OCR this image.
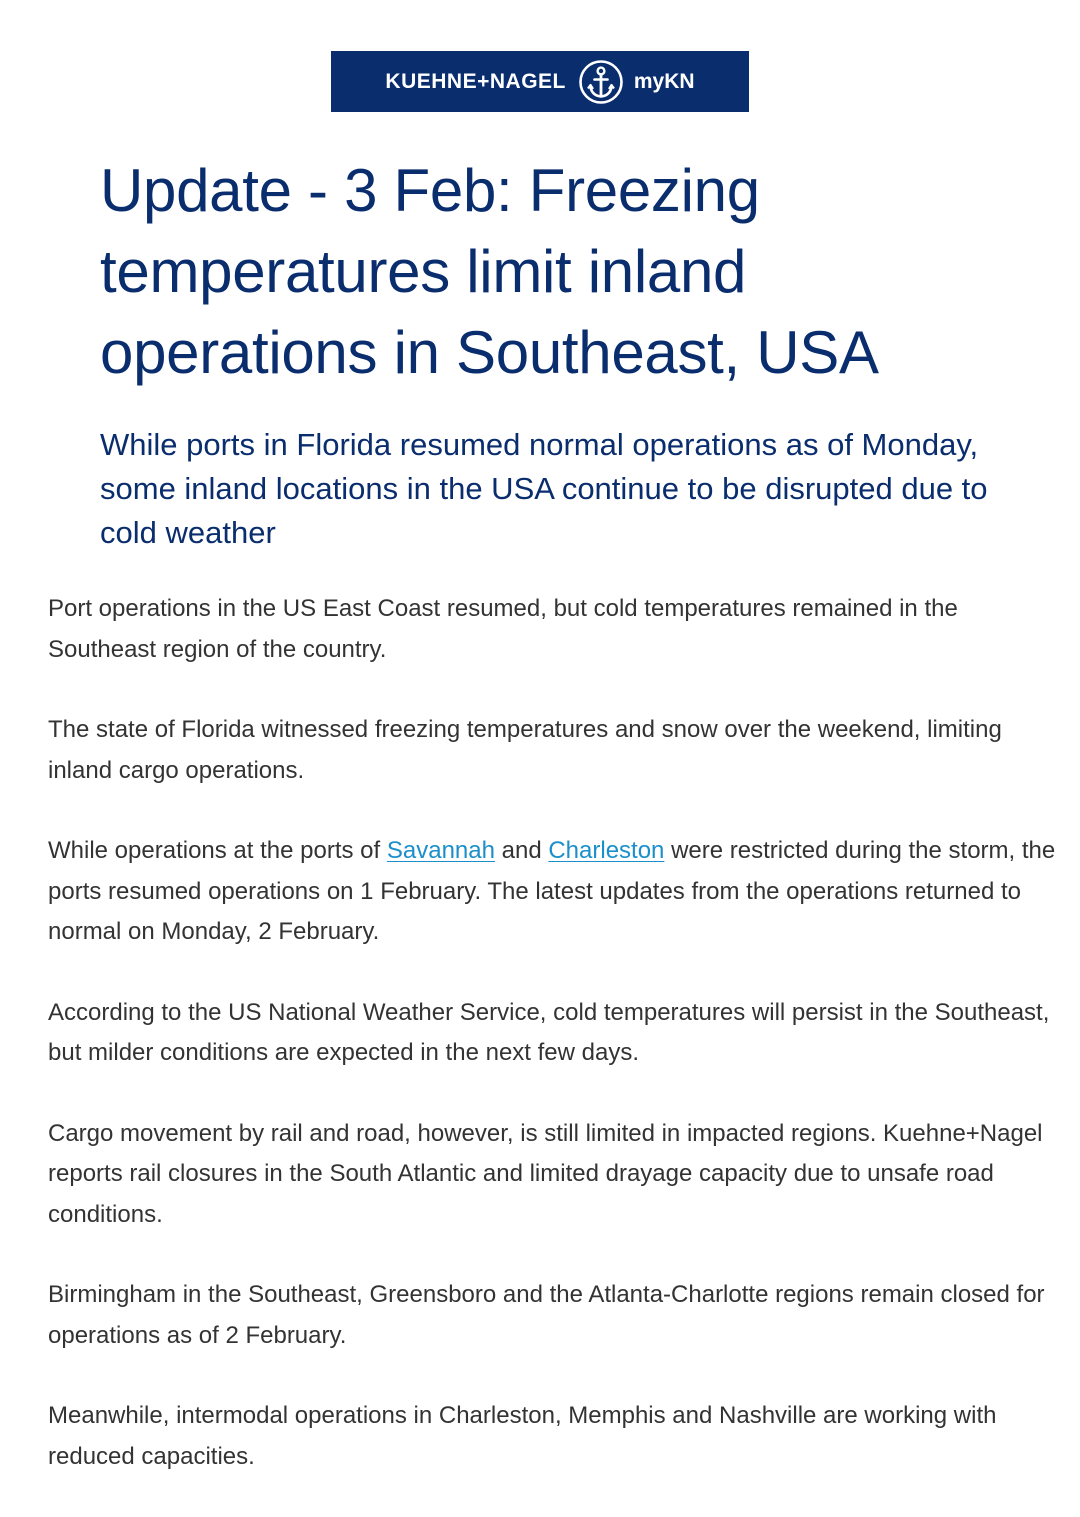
KUEHNE+NAGEL	myKN
Update - 3 Feb: Freezing temperatures limit inland operations in Southeast, USA
While ports in Florida resumed normal operations as of Monday, some inland locations in the USA continue to be disrupted due to cold weather

Port operations in the US East Coast resumed, but cold temperatures remained in the Southeast region of the country.

The state of Florida witnessed freezing temperatures and snow over the weekend, limiting inland cargo operations.

While operations at the ports of Savannah and Charleston were restricted during the storm, the ports resumed operations on 1 February. The latest updates from the operations returned to normal on Monday, 2 February.

According to the US National Weather Service, cold temperatures will persist in the Southeast, but milder conditions are expected in the next few days.

Cargo movement by rail and road, however, is still limited in impacted regions. Kuehne+Nagel reports rail closures in the South Atlantic and limited drayage capacity due to unsafe road conditions.

Birmingham in the Southeast, Greensboro and the Atlanta-Charlotte regions remain closed for operations as of 2 February.

Meanwhile, intermodal operations in Charleston, Memphis and Nashville are working with reduced capacities.
